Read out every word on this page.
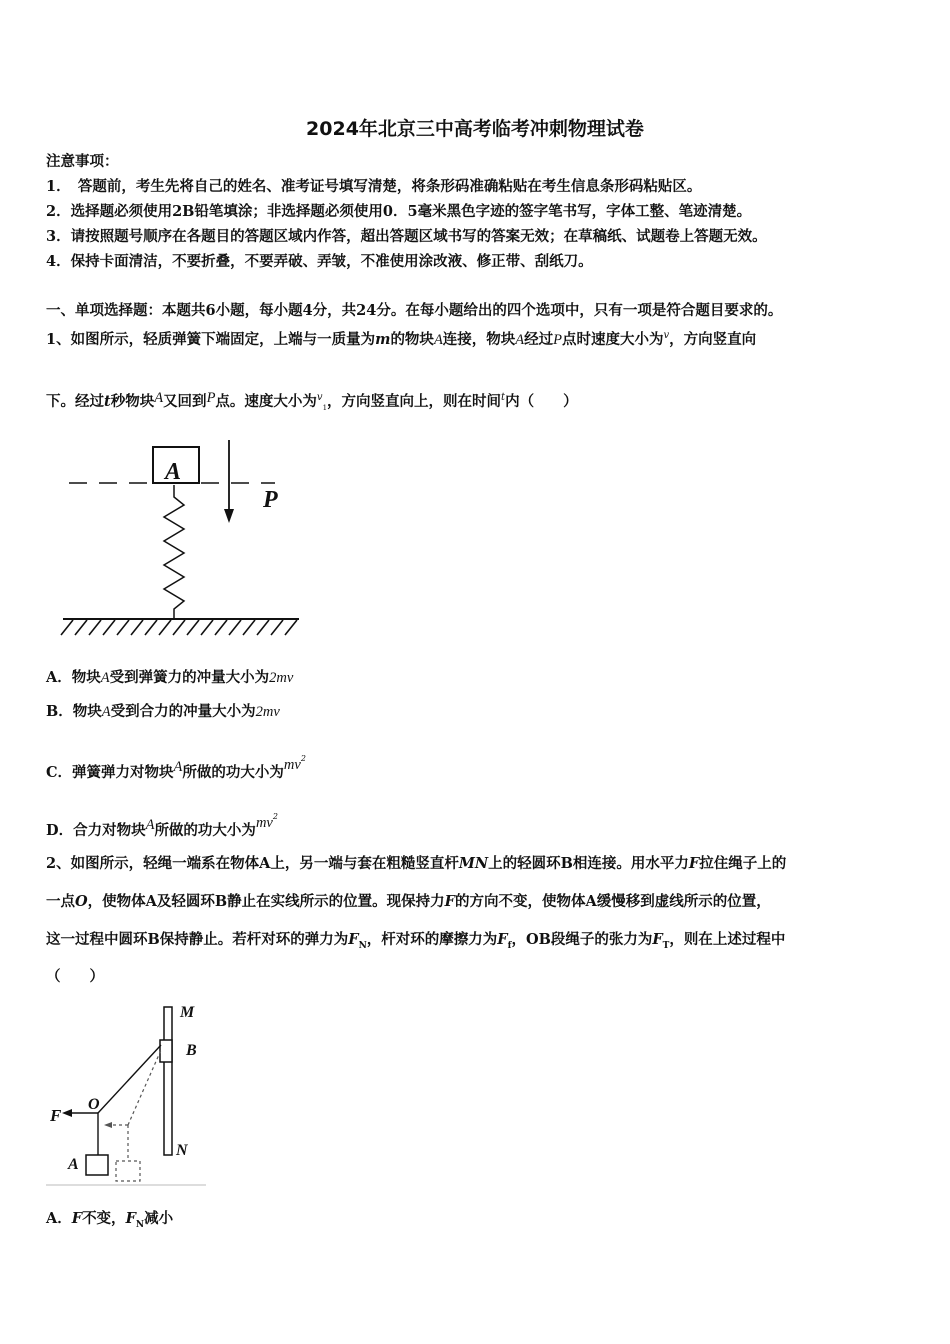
2024年北京三中高考临考冲刺物理试卷
注意事项：
1．　答题前，考生先将自己的姓名、准考证号填写清楚，将条形码准确粘贴在考生信息条形码粘贴区。
2．选择题必须使用2B铅笔填涂；非选择题必须使用0．5毫米黑色字迹的签字笔书写，字体工整、笔迹清楚。
3．请按照题号顺序在各题目的答题区域内作答，超出答题区域书写的答案无效；在草稿纸、试题卷上答题无效。
4．保持卡面清洁，不要折叠，不要弄破、弄皱，不准使用涂改液、修正带、刮纸刀。
一、单项选择题：本题共6小题，每小题4分，共24分。在每小题给出的四个选项中，只有一项是符合题目要求的。
1、如图所示，轻质弹簧下端固定，上端与一质量为m的物块A连接，物块A经过P点时速度大小为$^v$，方向竖直向
下。经过t秒物块A又回到P点。速度大小为$^v_1$，方向竖直向上，则在时间$^t$内（　　）
A
P
A．物块A受到弹簧力的冲量大小为2mv
B．物块A受到合力的冲量大小为2mv
C．弹簧弹力对物块A所做的功大小为$mv^2$
D．合力对物块A所做的功大小为$mv^2$
2、如图所示，轻绳一端系在物体A上，另一端与套在粗糙竖直杆MN上的轻圆环B相连接。用水平力F拉住绳子上的
一点O，使物体A及轻圆环B静止在实线所示的位置。现保持力F的方向不变，使物体A缓慢移到虚线所示的位置，
这一过程中圆环B保持静止。若杆对环的弹力为$F_N$，杆对环的摩擦力为$F_f$，OB段绳子的张力为$F_T$，则在上述过程中
（　　）
M
B
N
F
O
A
A．F不变，$F_N$减小
